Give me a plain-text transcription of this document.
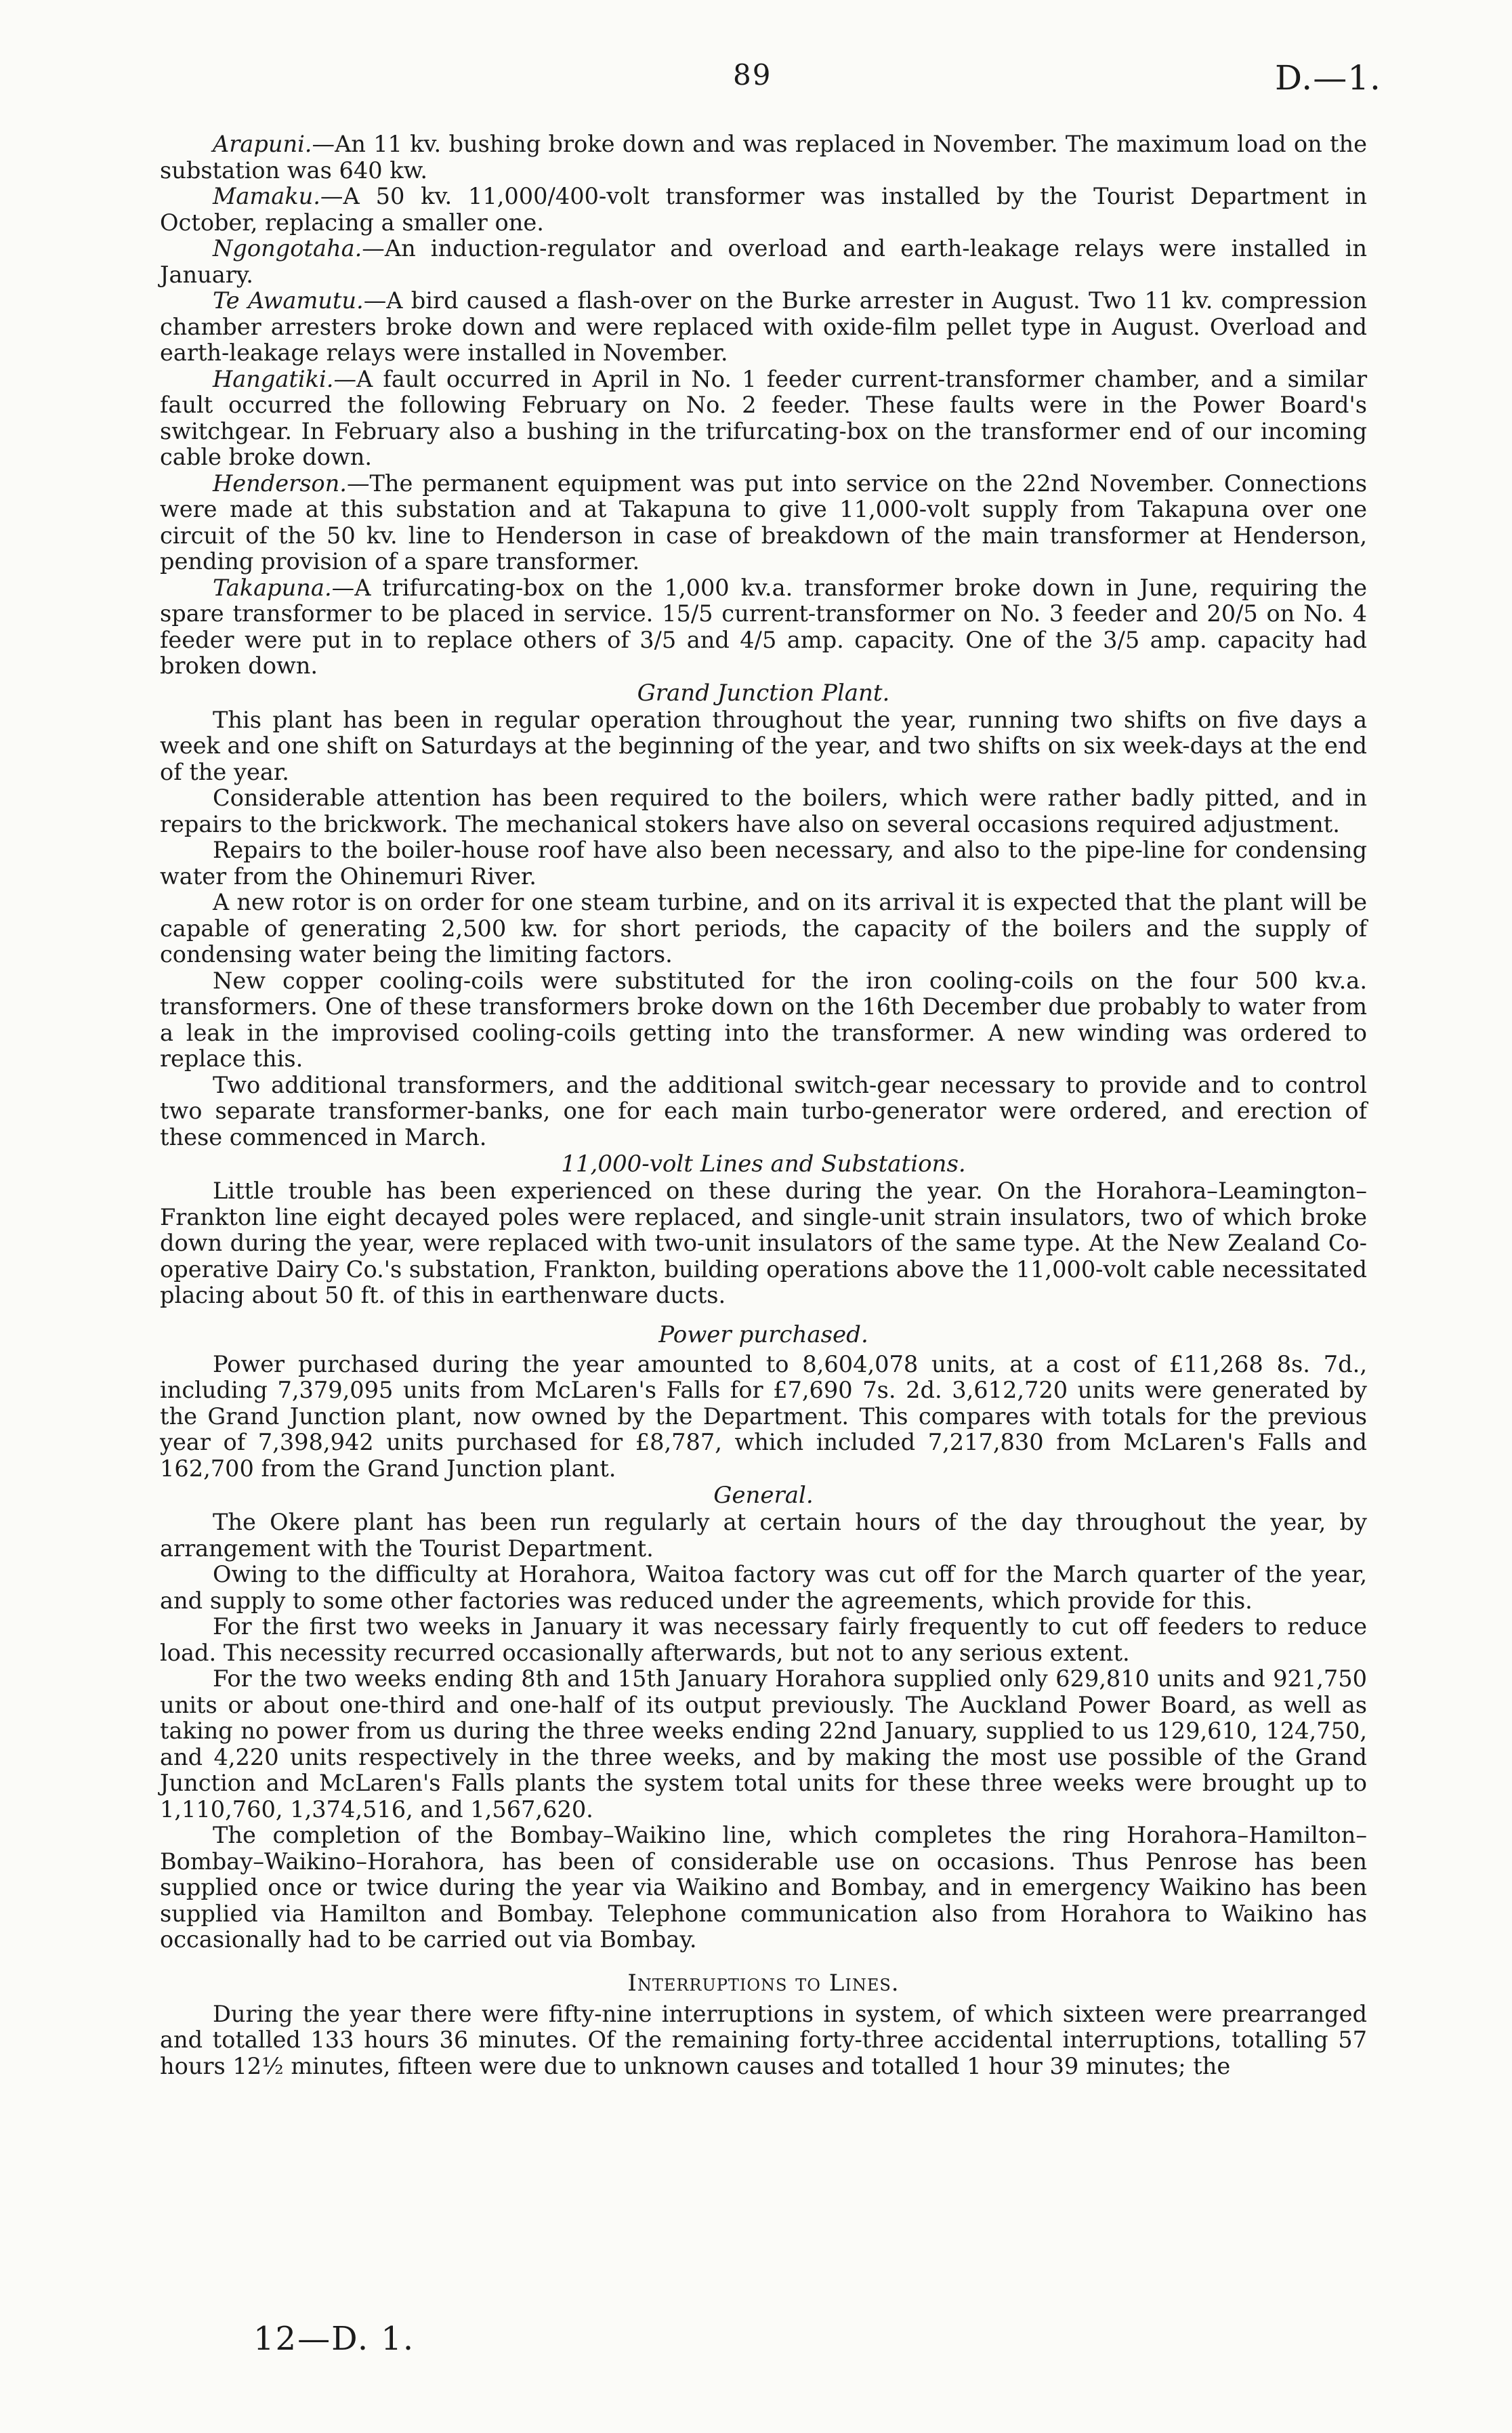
89	D.—1.

Arapuni.—An 11 kv. bushing broke down and was replaced in November. The maximum load on the substation was 640 kw.

Mamaku.—A 50 kv. 11,000/400-volt transformer was installed by the Tourist Department in October, replacing a smaller one.

Ngongotaha.—An induction-regulator and overload and earth-leakage relays were installed in January.

Te Awamutu.—A bird caused a flash-over on the Burke arrester in August. Two 11 kv. compression chamber arresters broke down and were replaced with oxide-film pellet type in August. Overload and earth-leakage relays were installed in November.

Hangatiki.—A fault occurred in April in No. 1 feeder current-transformer chamber, and a similar fault occurred the following February on No. 2 feeder. These faults were in the Power Board's switchgear. In February also a bushing in the trifurcating-box on the transformer end of our incoming cable broke down.

Henderson.—The permanent equipment was put into service on the 22nd November. Connections were made at this substation and at Takapuna to give 11,000-volt supply from Takapuna over one circuit of the 50 kv. line to Henderson in case of breakdown of the main transformer at Henderson, pending provision of a spare transformer.

Takapuna.—A trifurcating-box on the 1,000 kv.a. transformer broke down in June, requiring the spare transformer to be placed in service. 15/5 current-transformer on No. 3 feeder and 20/5 on No. 4 feeder were put in to replace others of 3/5 and 4/5 amp. capacity. One of the 3/5 amp. capacity had broken down.

Grand Junction Plant.

This plant has been in regular operation throughout the year, running two shifts on five days a week and one shift on Saturdays at the beginning of the year, and two shifts on six week-days at the end of the year.

Considerable attention has been required to the boilers, which were rather badly pitted, and in repairs to the brickwork. The mechanical stokers have also on several occasions required adjustment.

Repairs to the boiler-house roof have also been necessary, and also to the pipe-line for condensing water from the Ohinemuri River.

A new rotor is on order for one steam turbine, and on its arrival it is expected that the plant will be capable of generating 2,500 kw. for short periods, the capacity of the boilers and the supply of condensing water being the limiting factors.

New copper cooling-coils were substituted for the iron cooling-coils on the four 500 kv.a. transformers. One of these transformers broke down on the 16th December due probably to water from a leak in the improvised cooling-coils getting into the transformer. A new winding was ordered to replace this.

Two additional transformers, and the additional switch-gear necessary to provide and to control two separate transformer-banks, one for each main turbo-generator were ordered, and erection of these commenced in March.

11,000-volt Lines and Substations.

Little trouble has been experienced on these during the year. On the Horahora–Leamington–Frankton line eight decayed poles were replaced, and single-unit strain insulators, two of which broke down during the year, were replaced with two-unit insulators of the same type. At the New Zealand Co-operative Dairy Co.'s substation, Frankton, building operations above the 11,000-volt cable necessitated placing about 50 ft. of this in earthenware ducts.

Power purchased.

Power purchased during the year amounted to 8,604,078 units, at a cost of £11,268 8s. 7d., including 7,379,095 units from McLaren's Falls for £7,690 7s. 2d. 3,612,720 units were generated by the Grand Junction plant, now owned by the Department. This compares with totals for the previous year of 7,398,942 units purchased for £8,787, which included 7,217,830 from McLaren's Falls and 162,700 from the Grand Junction plant.

General.

The Okere plant has been run regularly at certain hours of the day throughout the year, by arrangement with the Tourist Department.

Owing to the difficulty at Horahora, Waitoa factory was cut off for the March quarter of the year, and supply to some other factories was reduced under the agreements, which provide for this.

For the first two weeks in January it was necessary fairly frequently to cut off feeders to reduce load. This necessity recurred occasionally afterwards, but not to any serious extent.

For the two weeks ending 8th and 15th January Horahora supplied only 629,810 units and 921,750 units or about one-third and one-half of its output previously. The Auckland Power Board, as well as taking no power from us during the three weeks ending 22nd January, supplied to us 129,610, 124,750, and 4,220 units respectively in the three weeks, and by making the most use possible of the Grand Junction and McLaren's Falls plants the system total units for these three weeks were brought up to 1,110,760, 1,374,516, and 1,567,620.

The completion of the Bombay–Waikino line, which completes the ring Horahora–Hamilton–Bombay–Waikino–Horahora, has been of considerable use on occasions. Thus Penrose has been supplied once or twice during the year via Waikino and Bombay, and in emergency Waikino has been supplied via Hamilton and Bombay. Telephone communication also from Horahora to Waikino has occasionally had to be carried out via Bombay.

Interruptions to Lines.

During the year there were fifty-nine interruptions in system, of which sixteen were prearranged and totalled 133 hours 36 minutes. Of the remaining forty-three accidental interruptions, totalling 57 hours 12½ minutes, fifteen were due to unknown causes and totalled 1 hour 39 minutes; the

12—D. 1.
